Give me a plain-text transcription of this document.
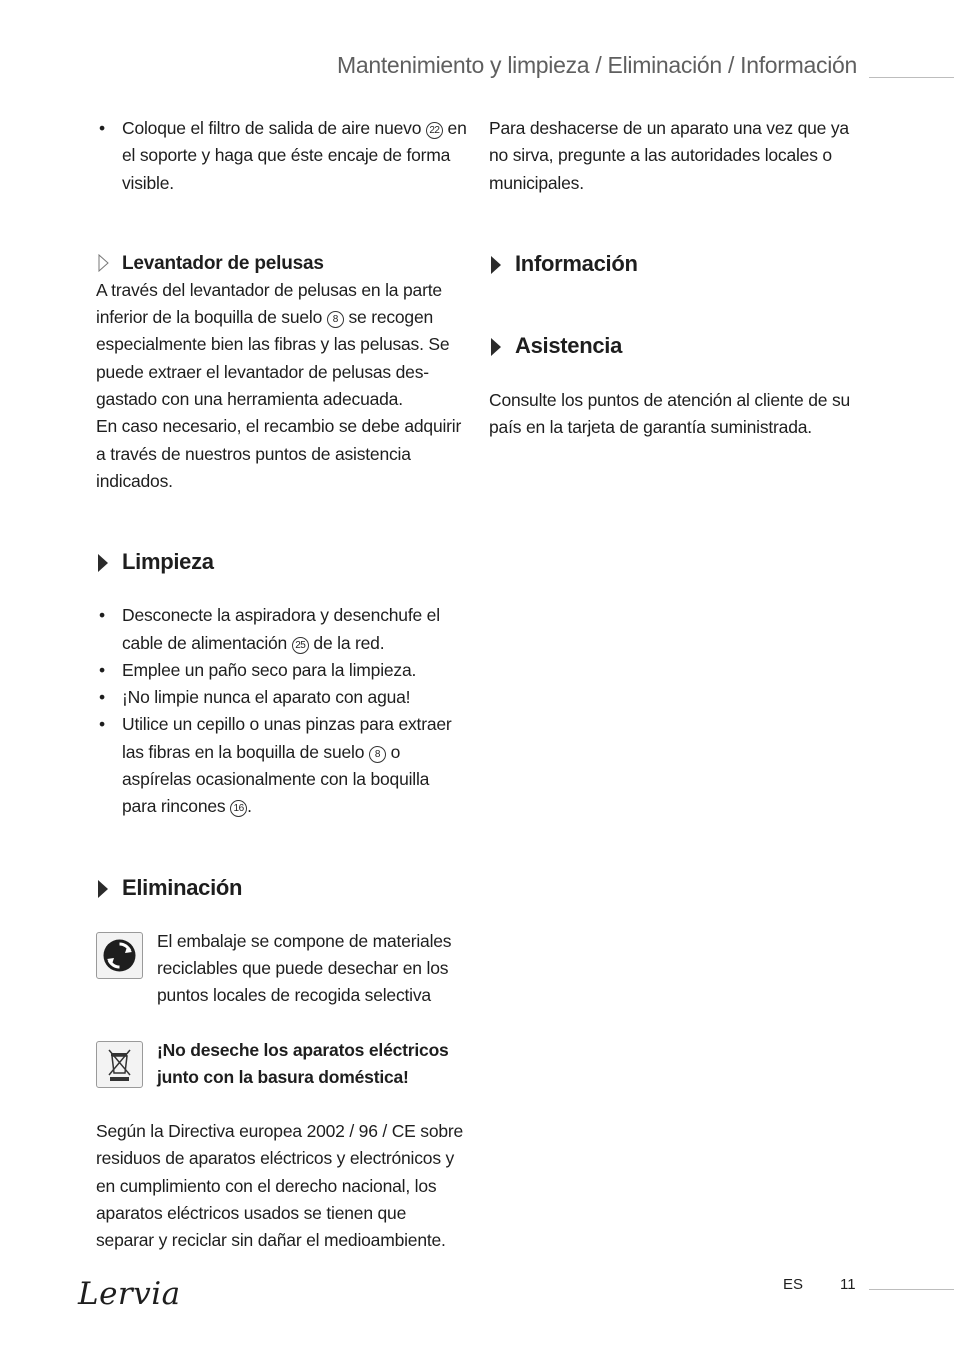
Mantenimiento y limpieza / Eliminación / Información
• Coloque el filtro de salida de aire nuevo 22 en el soporte y haga que éste encaje de forma visible.
Levantador de pelusas

A través del levantador de pelusas en la parte inferior de la boquilla de suelo 8 se recogen especialmente bien las fibras y las pelusas. Se puede extraer el levantador de pelusas des- gastado con una herramienta adecuada.

En caso necesario, el recambio se debe adquirir a través de nuestros puntos de asistencia indicados.

Limpieza
• Desconecte la aspiradora y desenchufe el cable de alimentación 25 de la red.
• Emplee un paño seco para la limpieza.
• ¡No limpie nunca el aparato con agua!
• Utilice un cepillo o unas pinzas para extraer las fibras en la boquilla de suelo 8 o aspírelas ocasionalmente con la boquilla para rincones 16 .
Eliminación

El embalaje se compone de materiales reciclables que puede desechar en los puntos locales de recogida selectiva

¡No deseche los aparatos eléctricos junto con la basura doméstica!

Según la Directiva europea 2002 / 96 / CE sobre residuos de aparatos eléctricos y electrónicos y en cumplimiento con el derecho nacional, los aparatos eléctricos usados se tienen que separar y reciclar sin dañar el medioambiente.

Para deshacerse de un aparato una vez que ya no sirva, pregunte a las autoridades locales o municipales.

Información
Asistencia

Consulte los puntos de atención al cliente de su país en la tarjeta de garantía suministrada.

Lervia	ES 11
